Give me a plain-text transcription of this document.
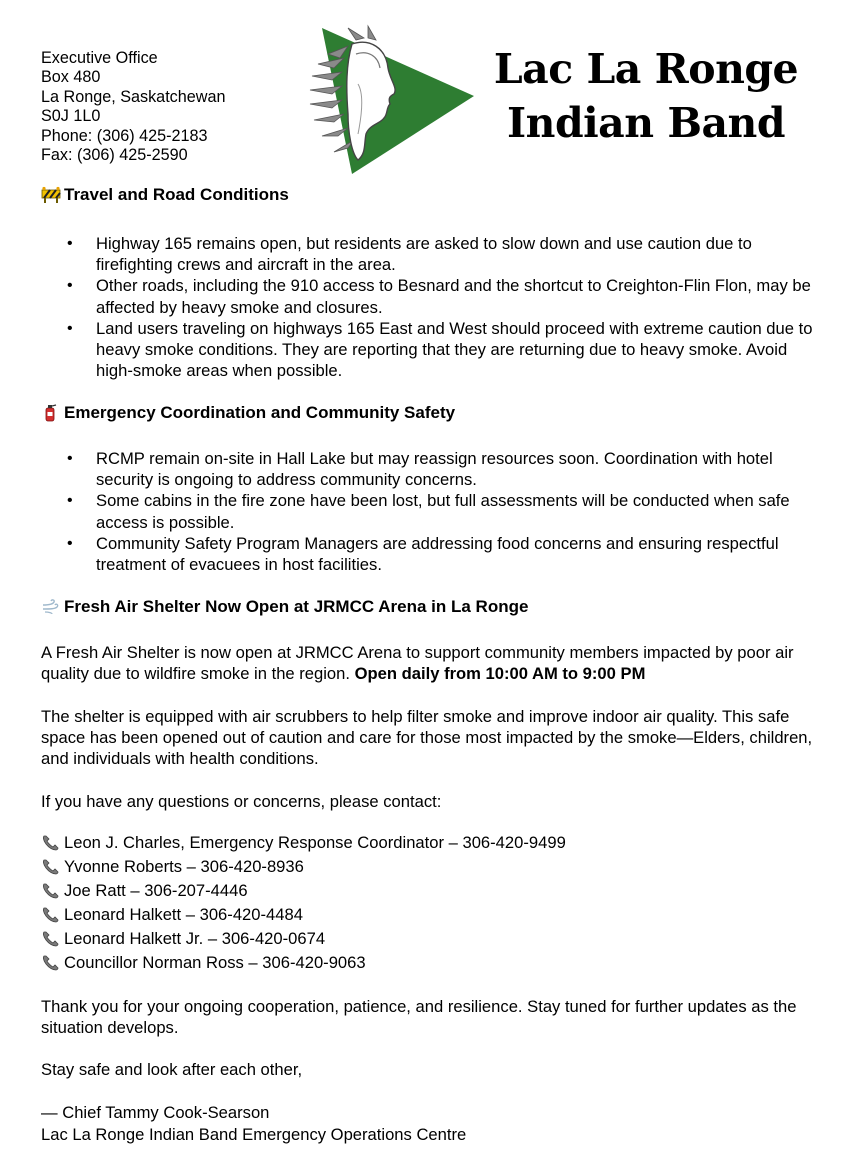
Executive Office
Box 480
La Ronge, Saskatchewan
S0J 1L0
Phone: (306) 425-2183
Fax: (306) 425-2590
Lac La Ronge
Indian Band
Travel and Road Conditions
• Highway 165 remains open, but residents are asked to slow down and use caution due to firefighting crews and aircraft in the area.
• Other roads, including the 910 access to Besnard and the shortcut to Creighton-Flin Flon, may be affected by heavy smoke and closures.
• Land users traveling on highways 165 East and West should proceed with extreme caution due to heavy smoke conditions. They are reporting that they are returning due to heavy smoke. Avoid high-smoke areas when possible.
Emergency Coordination and Community Safety
• RCMP remain on-site in Hall Lake but may reassign resources soon. Coordination with hotel security is ongoing to address community concerns.
• Some cabins in the fire zone have been lost, but full assessments will be conducted when safe access is possible.
• Community Safety Program Managers are addressing food concerns and ensuring respectful treatment of evacuees in host facilities.
Fresh Air Shelter Now Open at JRMCC Arena in La Ronge
A Fresh Air Shelter is now open at JRMCC Arena to support community members impacted by poor air quality due to wildfire smoke in the region. Open daily from 10:00 AM to 9:00 PM
The shelter is equipped with air scrubbers to help filter smoke and improve indoor air quality. This safe space has been opened out of caution and care for those most impacted by the smoke—Elders, children, and individuals with health conditions.
If you have any questions or concerns, please contact:
Leon J. Charles, Emergency Response Coordinator – 306-420-9499
Yvonne Roberts – 306-420-8936
Joe Ratt – 306-207-4446
Leonard Halkett – 306-420-4484
Leonard Halkett Jr. – 306-420-0674
Councillor Norman Ross – 306-420-9063
Thank you for your ongoing cooperation, patience, and resilience. Stay tuned for further updates as the situation develops.
Stay safe and look after each other,
— Chief Tammy Cook-Searson
Lac La Ronge Indian Band Emergency Operations Centre
